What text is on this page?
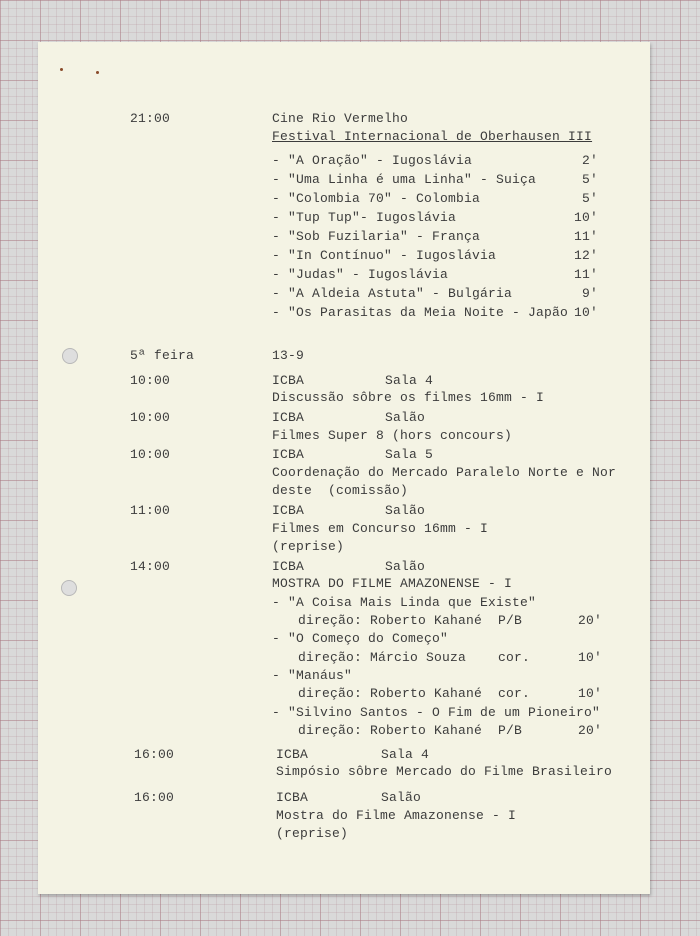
21:00	Cine Rio Vermelho
Festival Internacional de Oberhausen III
- "A Oração" - Iugoslávia	2'
- "Uma Linha é uma Linha" - Suiça	5'
- "Colombia 70" - Colombia	5'
- "Tup Tup"- Iugoslávia	10'
- "Sob Fuzilaria" - França	11'
- "In Contínuo" - Iugoslávia	12'
- "Judas" - Iugoslávia	11'
- "A Aldeia Astuta" - Bulgária	9'
- "Os Parasitas da Meia Noite - Japão 10'
5ª feira	13-9
10:00	ICBA	Sala 4
Discussão sôbre os filmes 16mm - I
10:00	ICBA	Salão
Filmes Super 8 (hors concours)
10:00	ICBA	Sala 5
Coordenação do Mercado Paralelo Norte e Nor
deste  (comissão)
11:00	ICBA	Salão
Filmes em Concurso 16mm - I
(reprise)
14:00	ICBA	Salão
MOSTRA DO FILME AMAZONENSE - I
- "A Coisa Mais Linda que Existe"
direção: Roberto Kahané  P/B	20'
- "O Começo do Começo"
direção: Márcio Souza    cor.	10'
- "Manáus"
direção: Roberto Kahané  cor.	10'
- "Silvino Santos - O Fim de um Pioneiro"
direção: Roberto Kahané  P/B	20'
16:00	ICBA	Sala 4
Simpósio sôbre Mercado do Filme Brasileiro
16:00	ICBA	Salão
Mostra do Filme Amazonense - I
(reprise)
